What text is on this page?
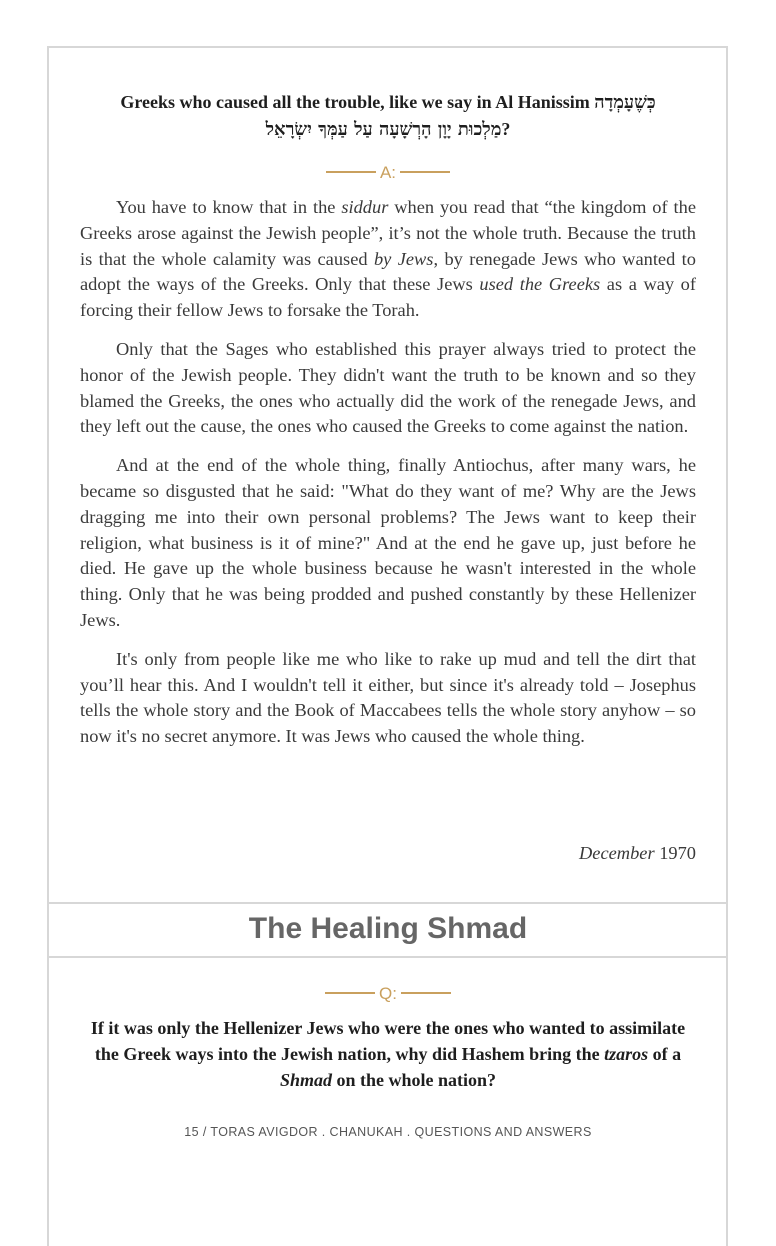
Greeks who caused all the trouble, like we say in Al Hanissim כְּשֶׁעָמְדָה
מַלְכוּת יָוָן הָרְשָׁעָה עַל עַמְּךָ יִשְׂרָאֵל?

A:

You have to know that in the siddur when you read that “the kingdom of the Greeks arose against the Jewish people”, it’s not the whole truth. Because the truth is that the whole calamity was caused by Jews, by renegade Jews who wanted to adopt the ways of the Greeks. Only that these Jews used the Greeks as a way of forcing their fellow Jews to forsake the Torah.

Only that the Sages who established this prayer always tried to protect the honor of the Jewish people. They didn't want the truth to be known and so they blamed the Greeks, the ones who actually did the work of the renegade Jews, and they left out the cause, the ones who caused the Greeks to come against the nation.

And at the end of the whole thing, finally Antiochus, after many wars, he became so disgusted that he said: "What do they want of me? Why are the Jews dragging me into their own personal problems? The Jews want to keep their religion, what business is it of mine?" And at the end he gave up, just before he died. He gave up the whole business because he wasn't interested in the whole thing. Only that he was being prodded and pushed constantly by these Hellenizer Jews.

It's only from people like me who like to rake up mud and tell the dirt that you’ll hear this. And I wouldn't tell it either, but since it's already told – Josephus tells the whole story and the Book of Maccabees tells the whole story anyhow – so now it's no secret anymore. It was Jews who caused the whole thing.

December 1970
The Healing Shmad
Q:

If it was only the Hellenizer Jews who were the ones who wanted to assimilate the Greek ways into the Jewish nation, why did Hashem bring the tzaros of a Shmad on the whole nation?

15 / TORAS AVIGDOR . CHANUKAH . QUESTIONS AND ANSWERS
